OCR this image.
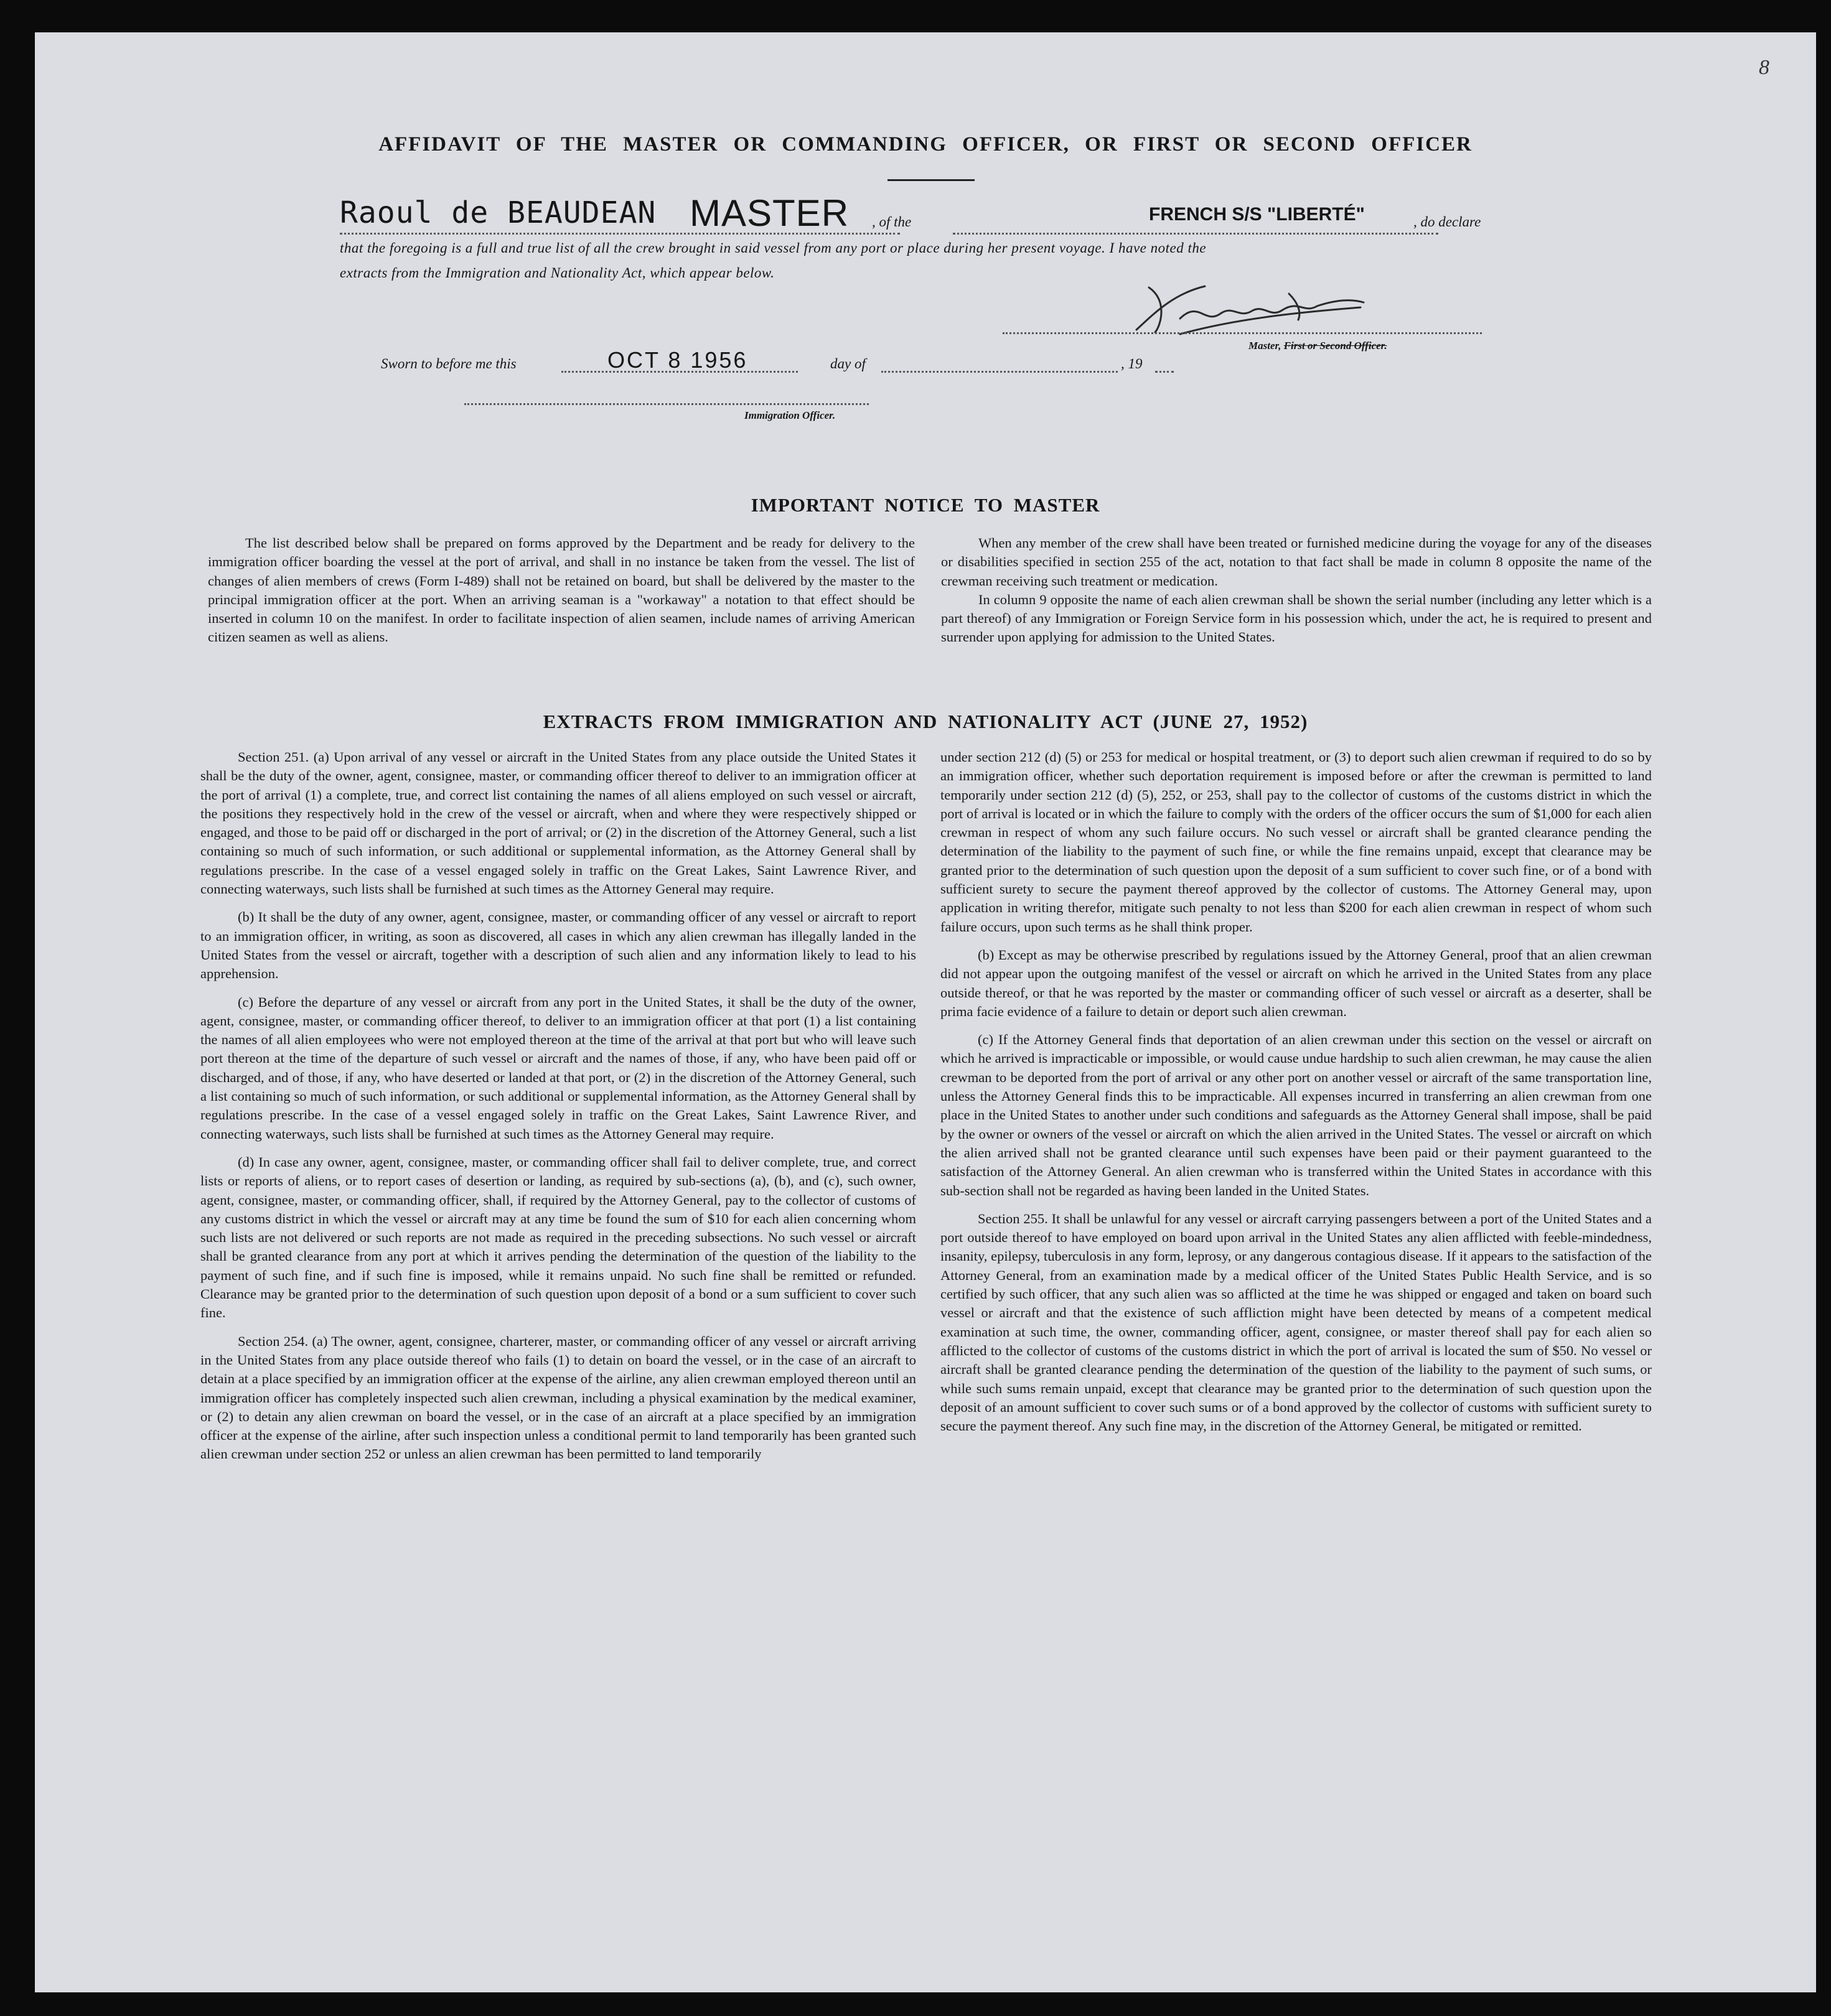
8
AFFIDAVIT OF THE MASTER OR COMMANDING OFFICER, OR FIRST OR SECOND OFFICER
Raoul de BEAUDEAN MASTER , of the	FRENCH S/S "LIBERTÉ"	, do declare
that the foregoing is a full and true list of all the crew brought in said vessel from any port or place during her present voyage. I have noted the
extracts from the Immigration and Nationality Act, which appear below.
Master, First or Second Officer.
Sworn to before me this	OCT 8 1956	day of	, 19
Immigration Officer.
IMPORTANT NOTICE TO MASTER

The list described below shall be prepared on forms approved by the Department and be ready for delivery to the immigration officer boarding the vessel at the port of arrival, and shall in no instance be taken from the vessel. The list of changes of alien members of crews (Form I-489) shall not be retained on board, but shall be delivered by the master to the principal immigration officer at the port. When an arriving seaman is a "workaway" a notation to that effect should be inserted in column 10 on the manifest. In order to facilitate inspection of alien seamen, include names of arriving American citizen seamen as well as aliens.

When any member of the crew shall have been treated or furnished medicine during the voyage for any of the diseases or disabilities specified in section 255 of the act, notation to that fact shall be made in column 8 opposite the name of the crewman receiving such treatment or medication.

In column 9 opposite the name of each alien crewman shall be shown the serial number (including any letter which is a part thereof) of any Immigration or Foreign Service form in his possession which, under the act, he is required to present and surrender upon applying for admission to the United States.

EXTRACTS FROM IMMIGRATION AND NATIONALITY ACT (JUNE 27, 1952)

Section 251. (a) Upon arrival of any vessel or aircraft in the United States from any place outside the United States it shall be the duty of the owner, agent, consignee, master, or commanding officer thereof to deliver to an immigration officer at the port of arrival (1) a complete, true, and correct list containing the names of all aliens employed on such vessel or aircraft, the positions they respectively hold in the crew of the vessel or aircraft, when and where they were respectively shipped or engaged, and those to be paid off or discharged in the port of arrival; or (2) in the discretion of the Attorney General, such a list containing so much of such information, or such additional or supplemental information, as the Attorney General shall by regulations prescribe. In the case of a vessel engaged solely in traffic on the Great Lakes, Saint Lawrence River, and connecting waterways, such lists shall be furnished at such times as the Attorney General may require.

(b) It shall be the duty of any owner, agent, consignee, master, or commanding officer of any vessel or aircraft to report to an immigration officer, in writing, as soon as discovered, all cases in which any alien crewman has illegally landed in the United States from the vessel or aircraft, together with a description of such alien and any information likely to lead to his apprehension.

(c) Before the departure of any vessel or aircraft from any port in the United States, it shall be the duty of the owner, agent, consignee, master, or commanding officer thereof, to deliver to an immigration officer at that port (1) a list containing the names of all alien employees who were not employed thereon at the time of the arrival at that port but who will leave such port thereon at the time of the departure of such vessel or aircraft and the names of those, if any, who have been paid off or discharged, and of those, if any, who have deserted or landed at that port, or (2) in the discretion of the Attorney General, such a list containing so much of such information, or such additional or supplemental information, as the Attorney General shall by regulations prescribe. In the case of a vessel engaged solely in traffic on the Great Lakes, Saint Lawrence River, and connecting waterways, such lists shall be furnished at such times as the Attorney General may require.

(d) In case any owner, agent, consignee, master, or commanding officer shall fail to deliver complete, true, and correct lists or reports of aliens, or to report cases of desertion or landing, as required by sub-sections (a), (b), and (c), such owner, agent, consignee, master, or commanding officer, shall, if required by the Attorney General, pay to the collector of customs of any customs district in which the vessel or aircraft may at any time be found the sum of $10 for each alien concerning whom such lists are not delivered or such reports are not made as required in the preceding subsections. No such vessel or aircraft shall be granted clearance from any port at which it arrives pending the determination of the question of the liability to the payment of such fine, and if such fine is imposed, while it remains unpaid. No such fine shall be remitted or refunded. Clearance may be granted prior to the determination of such question upon deposit of a bond or a sum sufficient to cover such fine.

Section 254. (a) The owner, agent, consignee, charterer, master, or commanding officer of any vessel or aircraft arriving in the United States from any place outside thereof who fails (1) to detain on board the vessel, or in the case of an aircraft to detain at a place specified by an immigration officer at the expense of the airline, any alien crewman employed thereon until an immigration officer has completely inspected such alien crewman, including a physical examination by the medical examiner, or (2) to detain any alien crewman on board the vessel, or in the case of an aircraft at a place specified by an immigration officer at the expense of the airline, after such inspection unless a conditional permit to land temporarily has been granted such alien crewman under section 252 or unless an alien crewman has been permitted to land temporarily

under section 212 (d) (5) or 253 for medical or hospital treatment, or (3) to deport such alien crewman if required to do so by an immigration officer, whether such deportation requirement is imposed before or after the crewman is permitted to land temporarily under section 212 (d) (5), 252, or 253, shall pay to the collector of customs of the customs district in which the port of arrival is located or in which the failure to comply with the orders of the officer occurs the sum of $1,000 for each alien crewman in respect of whom any such failure occurs. No such vessel or aircraft shall be granted clearance pending the determination of the liability to the payment of such fine, or while the fine remains unpaid, except that clearance may be granted prior to the determination of such question upon the deposit of a sum sufficient to cover such fine, or of a bond with sufficient surety to secure the payment thereof approved by the collector of customs. The Attorney General may, upon application in writing therefor, mitigate such penalty to not less than $200 for each alien crewman in respect of whom such failure occurs, upon such terms as he shall think proper.

(b) Except as may be otherwise prescribed by regulations issued by the Attorney General, proof that an alien crewman did not appear upon the outgoing manifest of the vessel or aircraft on which he arrived in the United States from any place outside thereof, or that he was reported by the master or commanding officer of such vessel or aircraft as a deserter, shall be prima facie evidence of a failure to detain or deport such alien crewman.

(c) If the Attorney General finds that deportation of an alien crewman under this section on the vessel or aircraft on which he arrived is impracticable or impossible, or would cause undue hardship to such alien crewman, he may cause the alien crewman to be deported from the port of arrival or any other port on another vessel or aircraft of the same transportation line, unless the Attorney General finds this to be impracticable. All expenses incurred in transferring an alien crewman from one place in the United States to another under such conditions and safeguards as the Attorney General shall impose, shall be paid by the owner or owners of the vessel or aircraft on which the alien arrived in the United States. The vessel or aircraft on which the alien arrived shall not be granted clearance until such expenses have been paid or their payment guaranteed to the satisfaction of the Attorney General. An alien crewman who is transferred within the United States in accordance with this sub-section shall not be regarded as having been landed in the United States.

Section 255. It shall be unlawful for any vessel or aircraft carrying passengers between a port of the United States and a port outside thereof to have employed on board upon arrival in the United States any alien afflicted with feeble-mindedness, insanity, epilepsy, tuberculosis in any form, leprosy, or any dangerous contagious disease. If it appears to the satisfaction of the Attorney General, from an examination made by a medical officer of the United States Public Health Service, and is so certified by such officer, that any such alien was so afflicted at the time he was shipped or engaged and taken on board such vessel or aircraft and that the existence of such affliction might have been detected by means of a competent medical examination at such time, the owner, commanding officer, agent, consignee, or master thereof shall pay for each alien so afflicted to the collector of customs of the customs district in which the port of arrival is located the sum of $50. No vessel or aircraft shall be granted clearance pending the determination of the question of the liability to the payment of such sums, or while such sums remain unpaid, except that clearance may be granted prior to the determination of such question upon the deposit of an amount sufficient to cover such sums or of a bond approved by the collector of customs with sufficient surety to secure the payment thereof. Any such fine may, in the discretion of the Attorney General, be mitigated or remitted.
